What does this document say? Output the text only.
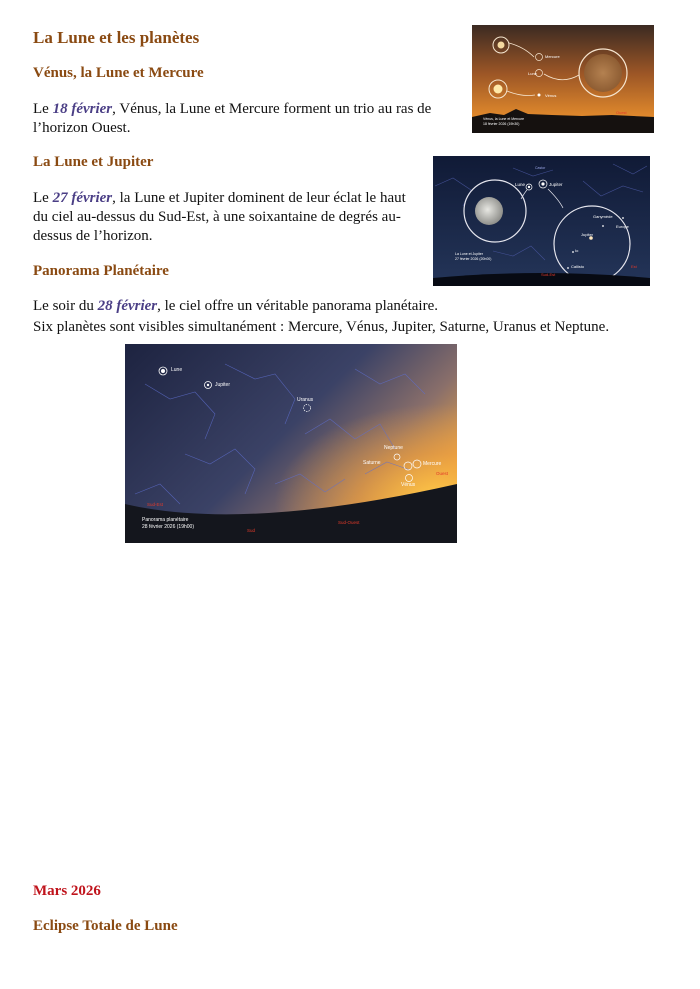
La Lune et les planètes
Vénus, la Lune et Mercure
Le 18 février, Vénus, la Lune et Mercure forment un trio au ras de l’horizon Ouest.
Mercure
Lune
Vénus
Vénus, la Lune et Mercure
18 février 2026 (19h30)
Ouest
La Lune et Jupiter
Le 27 février, la Lune et Jupiter dominent de leur éclat le haut du ciel au-dessus du Sud-Est, à une soixantaine de degrés au-dessus de l’horizon.
Lune	Jupiter
Castor
Ganymède
Europe
Jupiter
Io
Callisto
La Lune et Jupiter
27 février 2026 (20h00)
Sud-Est
Est
Panorama Planétaire
Le soir du 28 février, le ciel offre un véritable panorama planétaire.
Six planètes sont visibles simultanément : Mercure, Vénus, Jupiter, Saturne, Uranus et Neptune.
Lune
Jupiter
Uranus
Neptune
Saturne	Mercure
Vénus
Ouest
Sud-Est
Sud
Sud-Ouest
Panorama planétaire
28 février 2026 (19h00)
Mars 2026
Eclipse Totale de Lune
